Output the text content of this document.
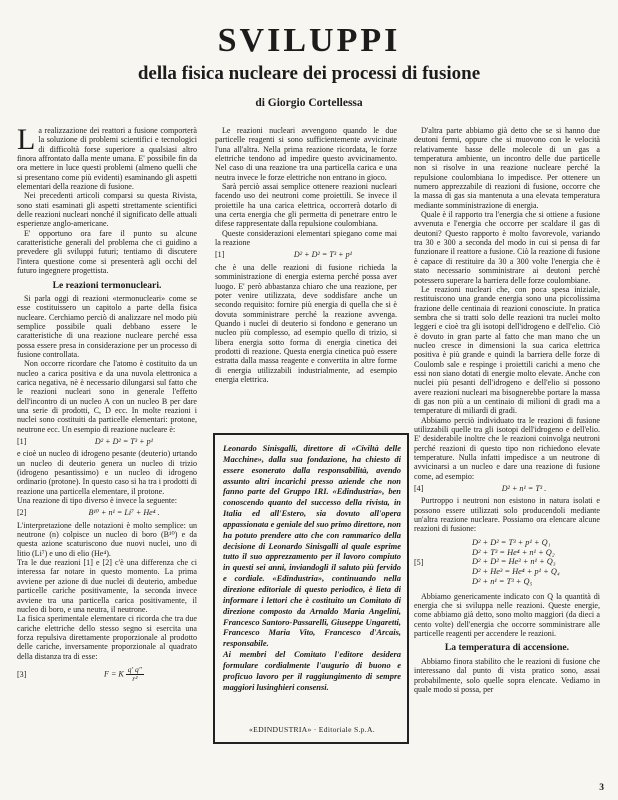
SVILUPPI
della fisica nucleare dei processi di fusione
di Giorgio Cortellessa

La realizzazione dei reattori a fusione comporterà la soluzione di problemi scientifici e tecnologici di difficoltà forse superiore a qualsiasi altro finora affrontato dalla mente umana. E' possibile fin da ora mettere in luce questi problemi (almeno quelli che si presentano come più evidenti) esaminando gli aspetti elementari della reazione di fusione.

Nei precedenti articoli comparsi su questa Rivista, sono stati esaminati gli aspetti strettamente scientifici delle reazioni nucleari nonché il significato delle attuali esperienze anglo-americane.

E' opportuno ora fare il punto su alcune caratteristiche generali del problema che ci guidino a prevedere gli sviluppi futuri; tentiamo di discutere l'intera questione come si presenterà agli occhi del futuro ingegnere progettista.

Le reazioni termonucleari.

Si parla oggi di reazioni «termonucleari» come se esse costituissero un capitolo a parte della fisica nucleare. Cerchiamo perciò di analizzare nel modo più semplice possibile quali debbano essere le caratteristiche di una reazione nucleare perché essa possa essere presa in considerazione per un processo di fusione controllata.

Non occorre ricordare che l'atomo è costituito da un nucleo a carica positiva e da una nuvola elettronica a carica negativa, nè è necessario dilungarsi sul fatto che le reazioni nucleari sono in generale l'effetto dell'incontro di un nucleo A con un nucleo B per dare una serie di prodotti, C, D ecc. In molte reazioni i nuclei sono costituiti da particelle elementari: protone, neutrone ecc. Un esempio di reazione nucleare è:

[1]	D² + D² = T³ + p¹

e cioè un nucleo di idrogeno pesante (deuterio) urtando un nucleo di deuterio genera un nucleo di trizio (idrogeno pesantissimo) e un nucleo di idrogeno ordinario (protone). In questo caso si ha tra i prodotti di reazione una particella elementare, il protone.

Una reazione di tipo diverso è invece la seguente:

[2]	B¹⁰ + n¹ = Li⁷ + He⁴ .

L'interpretazione delle notazioni è molto semplice: un neutrone (n) colpisce un nucleo di boro (B¹⁰) e da questa azione scaturiscono due nuovi nuclei, uno di litio (Li⁷) e uno di elio (He⁴).

Tra le due reazioni [1] e [2] c'è una differenza che ci interessa far notare in questo momento. La prima avviene per azione di due nuclei di deuterio, ambedue particelle cariche positivamente, la seconda invece avviene tra una particella carica positivamente, il nucleo di boro, e una neutra, il neutrone.

La fisica sperimentale elementare ci ricorda che tra due cariche elettriche dello stesso segno si esercita una forza repulsiva direttamente proporzionale al prodotto delle cariche, inversamente proporzionale al quadrato della distanza tra di esse:

[3]	F = K $\frac{q' q''}{\text{r²}}$

Le reazioni nucleari avvengono quando le due particelle reagenti si sono sufficientemente avvicinate l'una all'altra. Nella prima reazione ricordata, le forze elettriche tendono ad impedire questo avvicinamento. Nel caso di una reazione tra una particella carica e una neutra invece le forze elettriche non entrano in gioco.

Sarà perciò assai semplice ottenere reazioni nucleari facendo uso dei neutroni come proiettili. Se invece il proiettile ha una carica elettrica, occorrerà dotarlo di una certa energia che gli permetta di penetrare entro le difese rappresentate dalla repulsione coulombiana.

Queste considerazioni elementari spiegano come mai la reazione

[1]	D² + D² = T³ + p¹

che è una delle reazioni di fusione richieda la somministrazione di energia esterna perché possa aver luogo. E' però abbastanza chiaro che una reazione, per poter venire utilizzata, deve soddisfare anche un secondo requisito: fornire più energia di quella che si è dovuta somministrare perché la reazione avvenga. Quando i nuclei di deuterio si fondono e generano un nucleo più complesso, ad esempio quello di trizio, si libera energia sotto forma di energia cinetica dei prodotti di reazione. Questa energia cinetica può essere estratta dalla massa reagente e convertita in altre forme di energia utilizzabili industrialmente, ad esempio energia elettrica.

Leonardo Sinisgalli, direttore di «Civiltà delle Macchine», dalla sua fondazione, ha chiesto di essere esonerato dalla responsabilità, avendo assunto altri incarichi presso aziende che non fanno parte del Gruppo IRI. «Edindustria», ben conoscendo quanto del successo della rivista, in Italia ed all'Estero, sia dovuto all'opera appassionata e geniale del suo primo direttore, non ha potuto prendere atto che con rammarico della decisione di Leonardo Sinisgalli al quale esprime tutto il suo apprezzamento per il lavoro compiuto in questi sei anni, inviandogli il saluto più fervido e cordiale. «Edindustria», continuando nella direzione editoriale di questo periodico, è lieta di informare i lettori che è costituito un Comitato di direzione composto da Arnaldo Maria Angelini, Francesco Santoro-Passarelli, Giuseppe Ungaretti, Francesco Maria Vito, Francesco d'Arcais, responsabile.

Ai membri del Comitato l'editore desidera formulare cordialmente l'augurio di buono e proficuo lavoro per il raggiungimento di sempre maggiori lusinghieri consensi.

«EDINDUSTRIA» · Editoriale S.p.A.

D'altra parte abbiamo già detto che se si hanno due deutoni fermi, oppure che si muovono con le velocità relativamente basse delle molecole di un gas a temperatura ambiente, un incontro delle due particelle non si risolve in una reazione nucleare perché la repulsione coulombiana lo impedisce. Per ottenere un numero apprezzabile di reazioni di fusione, occorre che la massa di gas sia mantenuta a una elevata temperatura mediante somministrazione di energia.

Quale è il rapporto tra l'energia che si ottiene a fusione avvenuta e l'energia che occorre per scaldare il gas di deutoni? Questo rapporto è molto favorevole, variando tra 30 e 300 a seconda del modo in cui si pensa di far funzionare il reattore a fusione. Ciò la reazione di fusione è capace di restituire da 30 a 300 volte l'energia che è stato necessario somministrare ai deutoni perché potessero superare la barriera delle forze coulombiane.

Le reazioni nucleari che, con poca spesa iniziale, restituiscono una grande energia sono una piccolissima frazione delle centinaia di reazioni conosciute. In pratica sembra che si tratti solo delle reazioni tra nuclei molto leggeri e cioè tra gli isotopi dell'idrogeno e dell'elio. Ciò è dovuto in gran parte al fatto che man mano che un nucleo cresce in dimensioni la sua carica elettrica positiva è più grande e quindi la barriera delle forze di Coulomb sale e respinge i proiettili carichi a meno che essi non siano dotati di energie molto elevate. Anche con nuclei più pesanti dell'idrogeno e dell'elio si possono avere reazioni nucleari ma bisognerebbe portare la massa di gas non più a un centinaio di milioni di gradi ma a temperature di miliardi di gradi.

Abbiamo perciò individuato tra le reazioni di fusione utilizzabili quelle tra gli isotopi dell'idrogeno e dell'elio. E' desiderabile inoltre che le reazioni coinvolga neutroni perché reazioni di questo tipo non richiedono elevate temperature. Nulla infatti impedisce a un neutrone di avvicinarsi a un nucleo e dare una reazione di fusione come, ad esempio:

[4]	D² + n¹ = T³ .

Purtroppo i neutroni non esistono in natura isolati e possono essere utilizzati solo producendoli mediante un'altra reazione nucleare. Possiamo ora elencare alcune reazioni di fusione:

[5]
D² + D² = T³ + p¹ + Q₁
D² + T³ = He⁴ + n¹ + Q₂
D² + D² = He³ + n¹ + Q₃
D² + He³ = He⁴ + p¹ + Q₄
D² + n¹ = T³ + Q₅

Abbiamo genericamente indicato con Q la quantità di energia che si sviluppa nelle reazioni. Queste energie, come abbiamo già detto, sono molto maggiori (da dieci a cento volte) dell'energia che occorre somministrare alle particelle reagenti per accendere le reazioni.

La temperatura di accensione.

Abbiamo finora stabilito che le reazioni di fusione che interessano dal punto di vista pratico sono, assai probabilmente, solo quelle sopra elencate. Vediamo in quale modo si possa, per

3
